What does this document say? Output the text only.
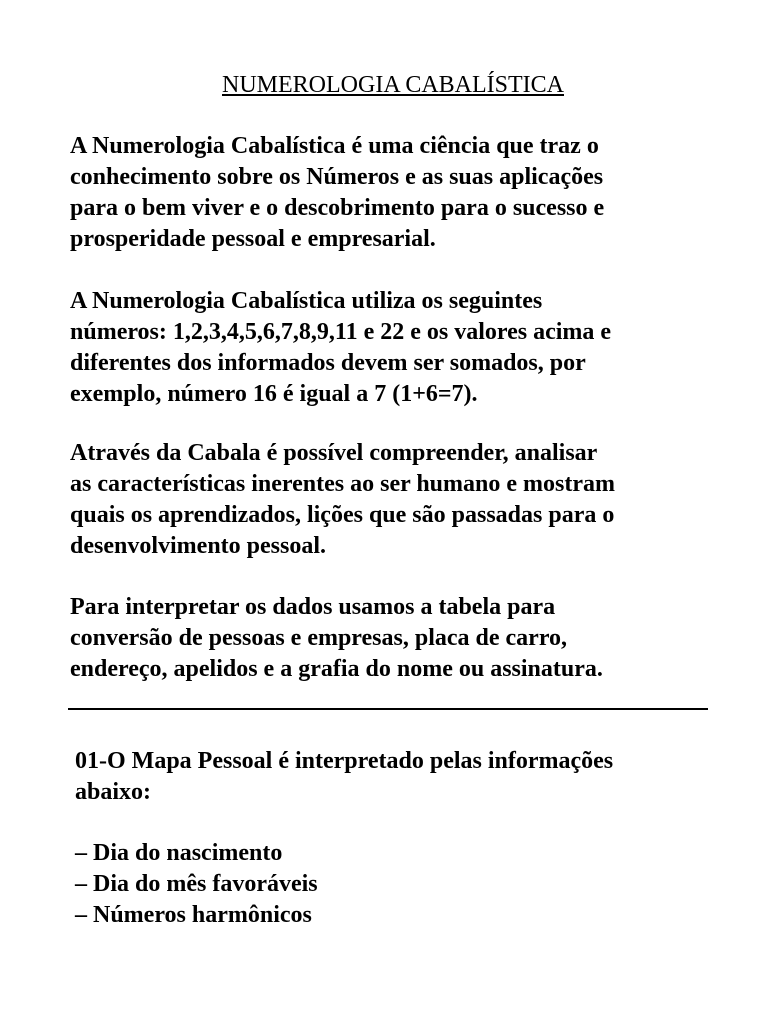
NUMEROLOGIA CABALÍSTICA

A Numerologia Cabalística é uma ciência que traz o
conhecimento sobre os Números e as suas aplicações
para o bem viver e o descobrimento para o sucesso e
prosperidade pessoal e empresarial.

A Numerologia Cabalística utiliza os seguintes
números: 1,2,3,4,5,6,7,8,9,11 e 22 e os valores acima e
diferentes dos informados devem ser somados, por
exemplo, número 16 é igual a 7 (1+6=7).

Através da Cabala é possível compreender, analisar
as características inerentes ao ser humano e mostram
quais os aprendizados, lições que são passadas para o
desenvolvimento pessoal.

Para interpretar os dados usamos a tabela para
conversão de pessoas e empresas, placa de carro,
endereço, apelidos e a grafia do nome ou assinatura.

01-O Mapa Pessoal é interpretado pelas informações
abaixo:

– Dia do nascimento
– Dia do mês favoráveis
– Números harmônicos
